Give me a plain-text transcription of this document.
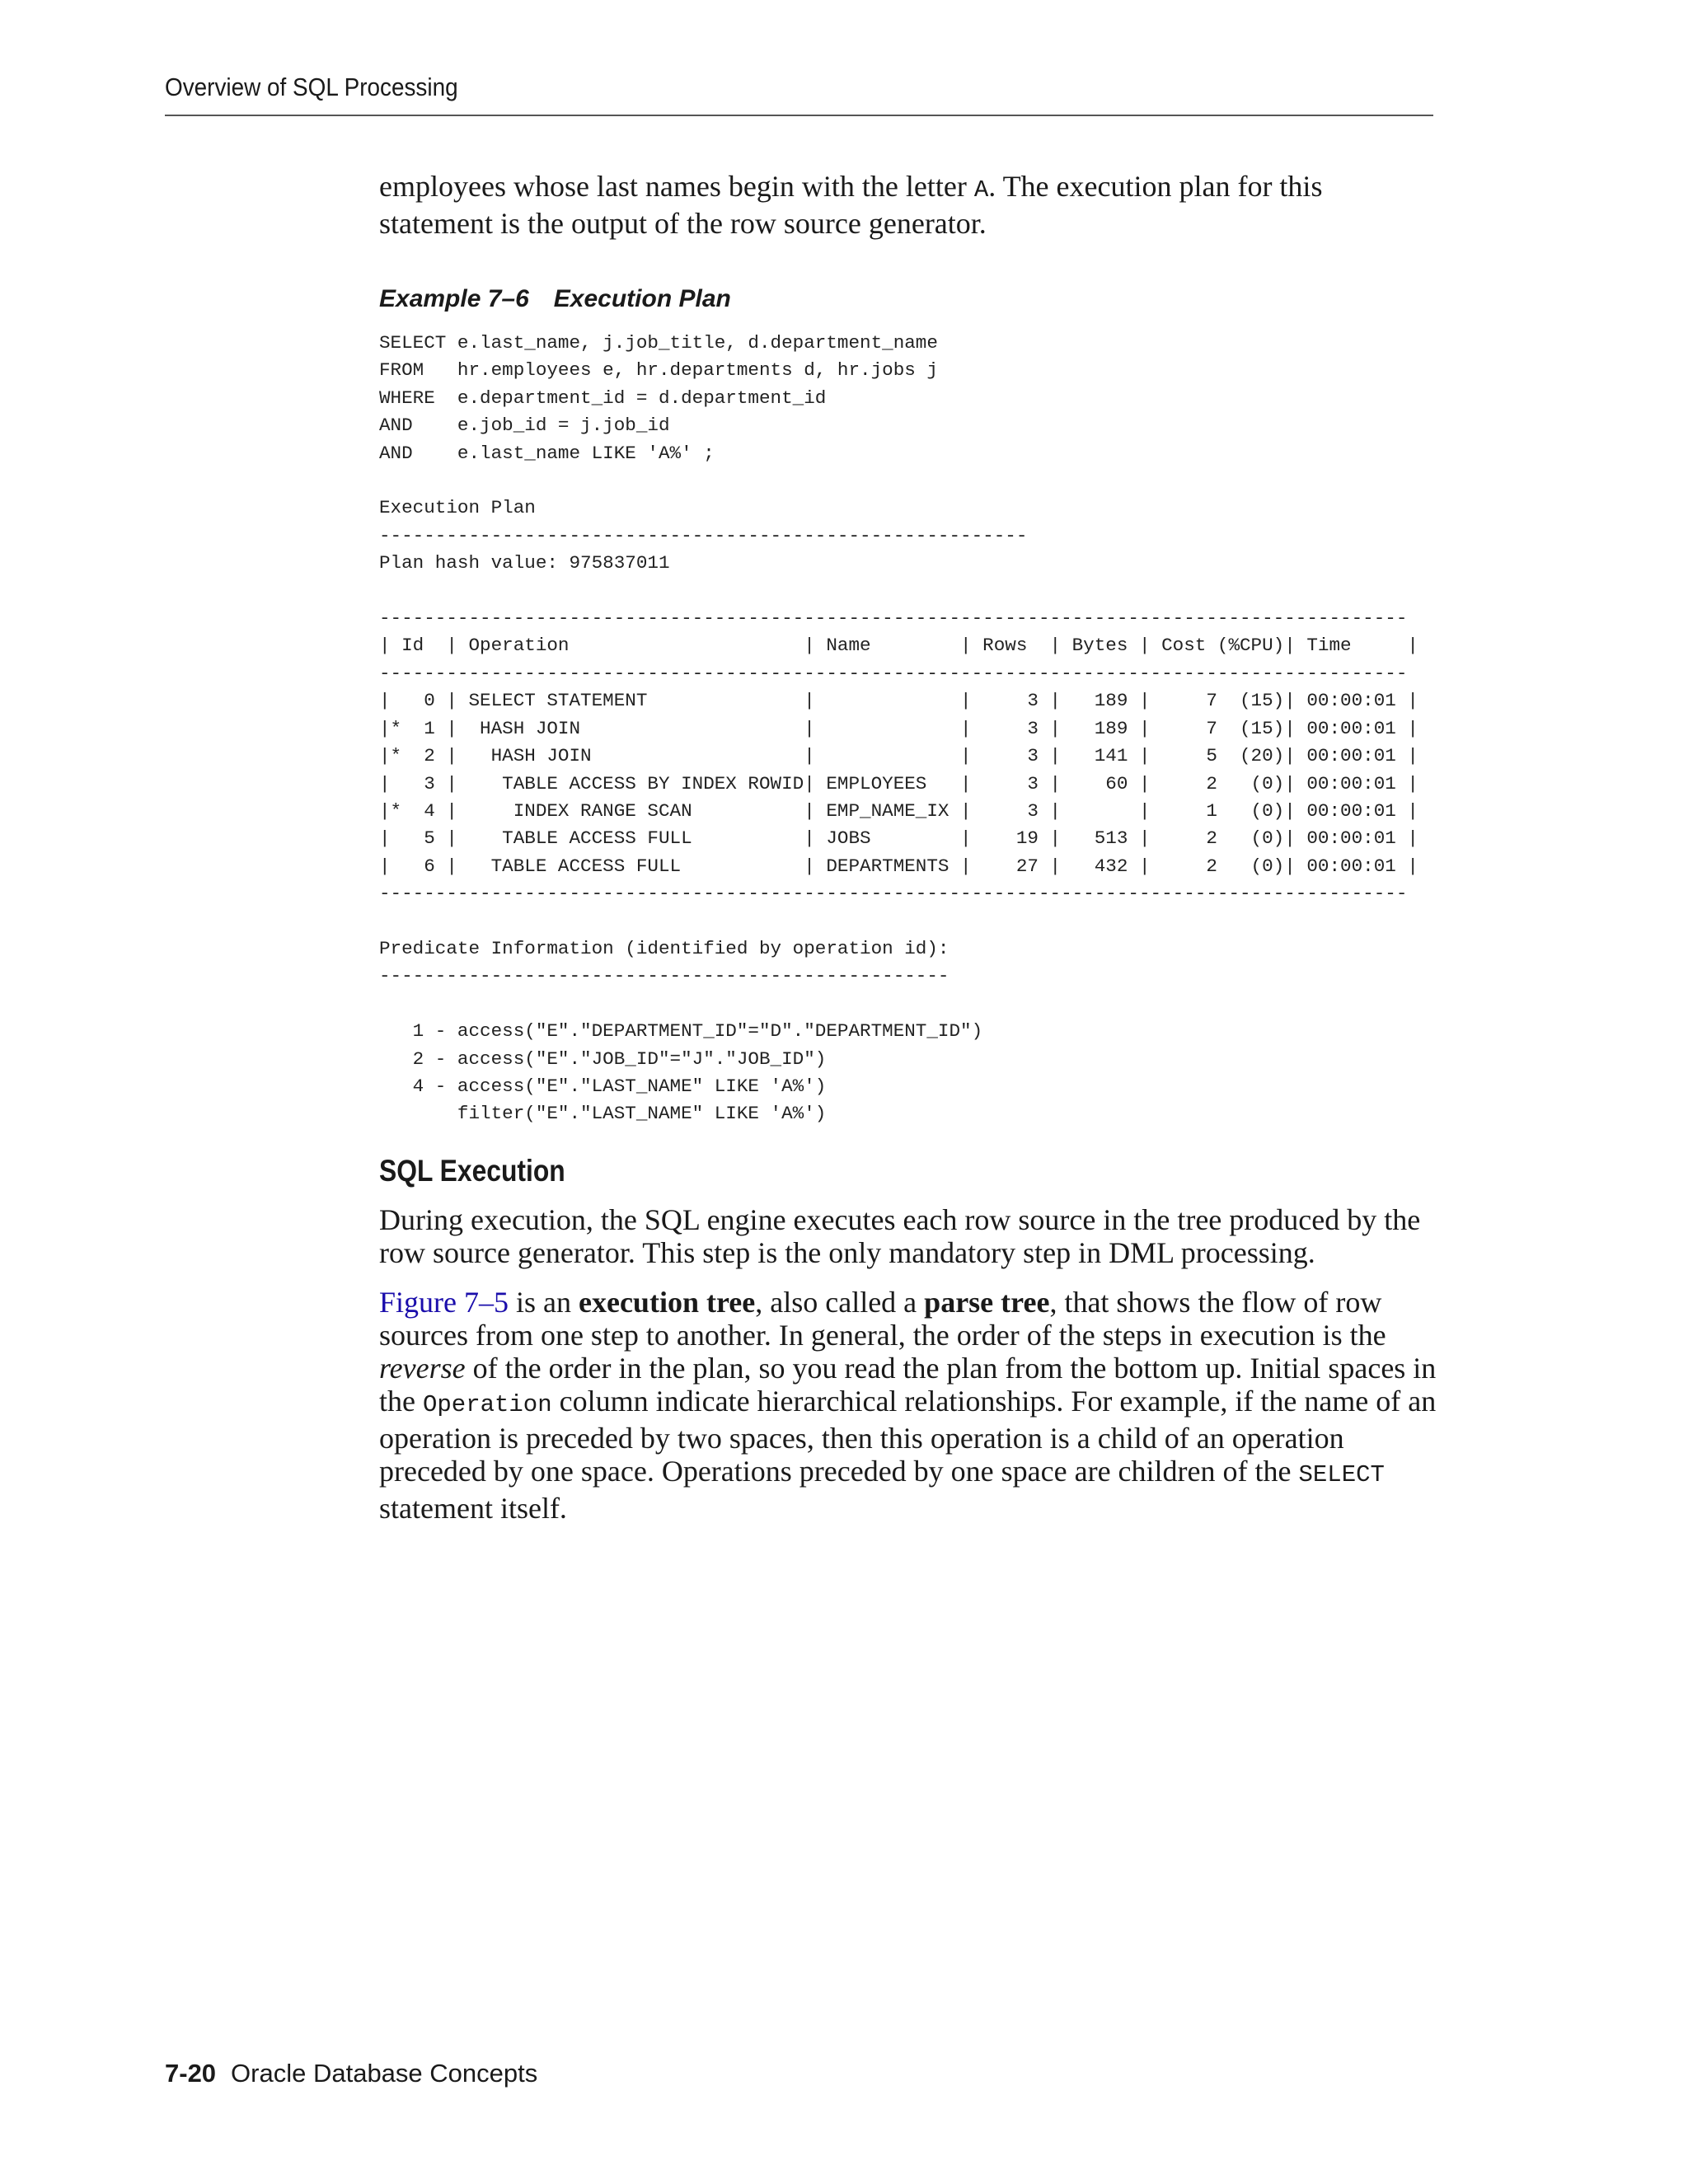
Overview of SQL Processing

employees whose last names begin with the letter A. The execution plan for this statement is the output of the row source generator.

Example 7–6 Execution Plan
SELECT e.last_name, j.job_title, d.department_name
FROM   hr.employees e, hr.departments d, hr.jobs j
WHERE  e.department_id = d.department_id
AND    e.job_id = j.job_id
AND    e.last_name LIKE 'A%' ;

Execution Plan
----------------------------------------------------------
Plan hash value: 975837011

--------------------------------------------------------------------------------------------
| Id  | Operation                     | Name        | Rows  | Bytes | Cost (%CPU)| Time     |
--------------------------------------------------------------------------------------------
|   0 | SELECT STATEMENT              |             |     3 |   189 |     7  (15)| 00:00:01 |
|*  1 |  HASH JOIN                    |             |     3 |   189 |     7  (15)| 00:00:01 |
|*  2 |   HASH JOIN                   |             |     3 |   141 |     5  (20)| 00:00:01 |
|   3 |    TABLE ACCESS BY INDEX ROWID| EMPLOYEES   |     3 |    60 |     2   (0)| 00:00:01 |
|*  4 |     INDEX RANGE SCAN          | EMP_NAME_IX |     3 |       |     1   (0)| 00:00:01 |
|   5 |    TABLE ACCESS FULL          | JOBS        |    19 |   513 |     2   (0)| 00:00:01 |
|   6 |   TABLE ACCESS FULL           | DEPARTMENTS |    27 |   432 |     2   (0)| 00:00:01 |
--------------------------------------------------------------------------------------------

Predicate Information (identified by operation id):
---------------------------------------------------

1 - access("E"."DEPARTMENT_ID"="D"."DEPARTMENT_ID")
2 - access("E"."JOB_ID"="J"."JOB_ID")
4 - access("E"."LAST_NAME" LIKE 'A%')
filter("E"."LAST_NAME" LIKE 'A%')
SQL Execution

During execution, the SQL engine executes each row source in the tree produced by the row source generator. This step is the only mandatory step in DML processing.

Figure 7–5 is an execution tree, also called a parse tree, that shows the flow of row sources from one step to another. In general, the order of the steps in execution is the reverse of the order in the plan, so you read the plan from the bottom up. Initial spaces in the Operation column indicate hierarchical relationships. For example, if the name of an operation is preceded by two spaces, then this operation is a child of an operation preceded by one space. Operations preceded by one space are children of the SELECT statement itself.

7-20 Oracle Database Concepts
